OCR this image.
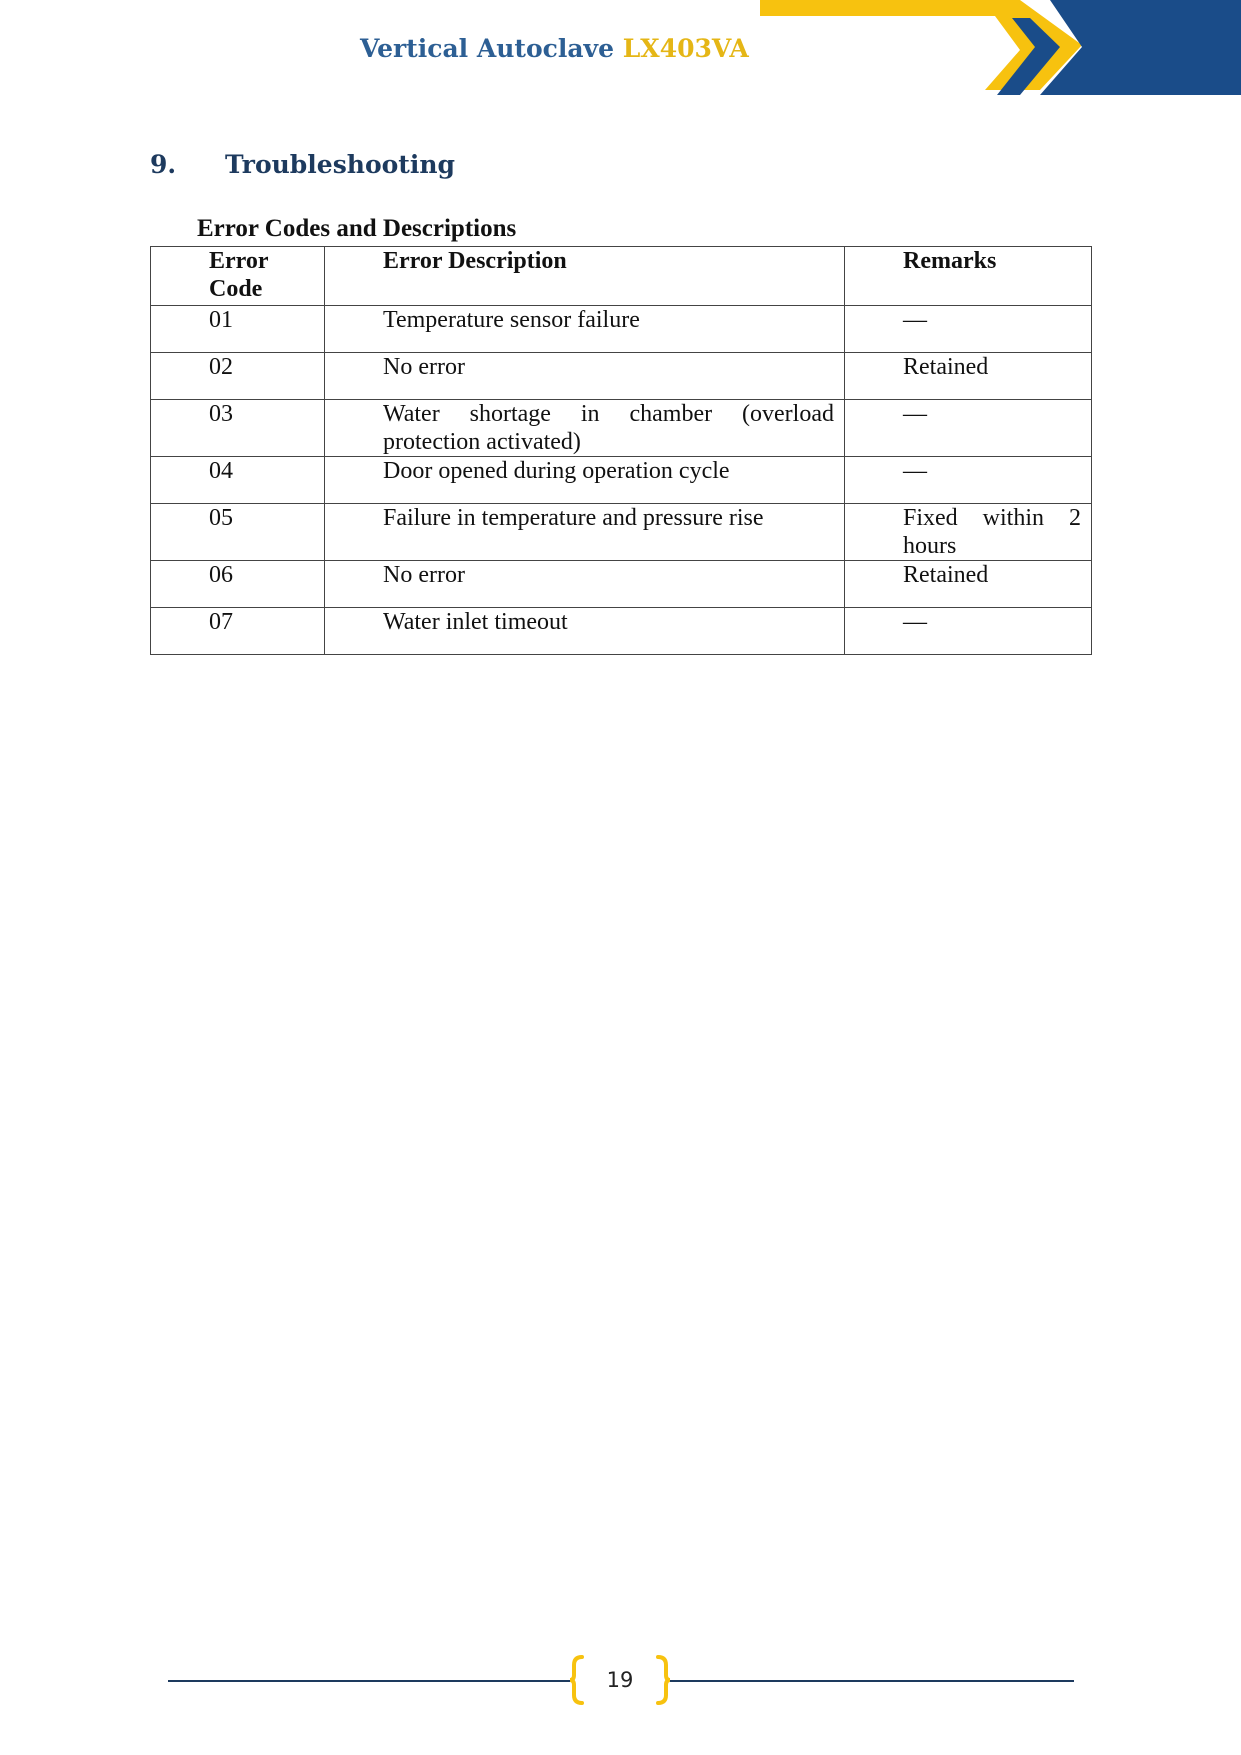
Vertical Autoclave LX403VA
9. Troubleshooting
Error Codes and Descriptions
Error Code	Error Description	Remarks
01	Temperature sensor failure	—
02	No error	Retained
03	Water shortage in chamber (overload protection activated)	—
04	Door opened during operation cycle	—
05	Failure in temperature and pressure rise	Fixed within 2 hours
06	No error	Retained
07	Water inlet timeout	—
19
